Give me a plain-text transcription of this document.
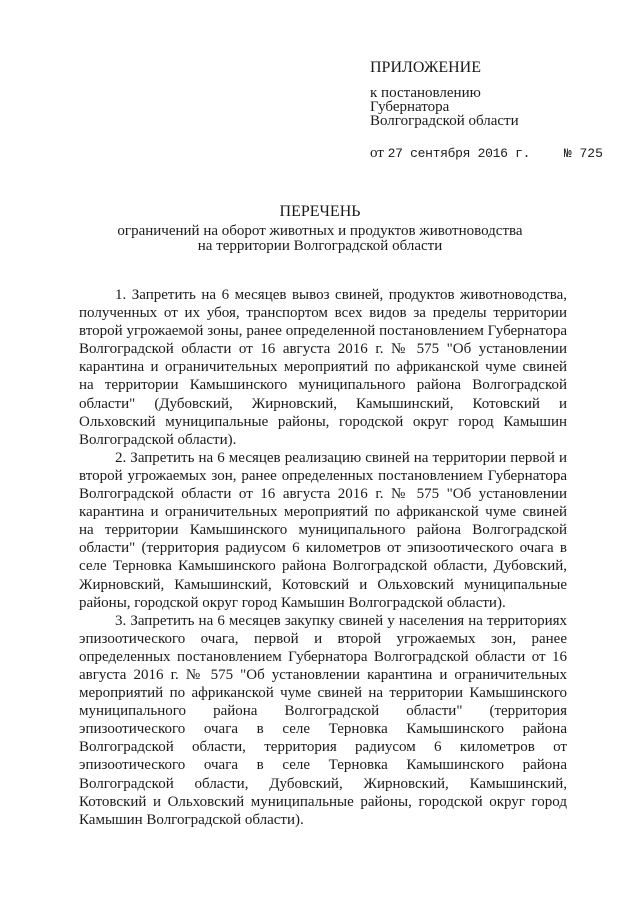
ПРИЛОЖЕНИЕ
к постановлению
Губернатора
Волгоградской области
от 27 сентября 2016 г.	№ 725
ПЕРЕЧЕНЬ
ограничений на оборот животных и продуктов животноводства
на территории Волгоградской области

1. Запретить на 6 месяцев вывоз свиней, продуктов животноводства, полученных от их убоя, транспортом всех видов за пределы территории второй угрожаемой зоны, ранее определенной постановлением Губернатора Волгоградской области от 16 августа 2016 г. № 575 "Об установлении карантина и ограничительных мероприятий по африканской чуме свиней на территории Камышинского муниципального района Волгоградской области" (Дубовский, Жирновский, Камышинский, Котовский и Ольховский муниципальные районы, городской округ город Камышин Волгоградской области).

2. Запретить на 6 месяцев реализацию свиней на территории первой и второй угрожаемых зон, ранее определенных постановлением Губернатора Волгоградской области от 16 августа 2016 г. № 575 "Об установлении карантина и ограничительных мероприятий по африканской чуме свиней на территории Камышинского муниципального района Волгоградской области" (территория радиусом 6 километров от эпизоотического очага в селе Терновка Камышинского района Волгоградской области, Дубовский, Жирновский, Камышинский, Котовский и Ольховский муниципальные районы, городской округ город Камышин Волгоградской области).

3. Запретить на 6 месяцев закупку свиней у населения на территориях эпизоотического очага, первой и второй угрожаемых зон, ранее определенных постановлением Губернатора Волгоградской области от 16 августа 2016 г. № 575 "Об установлении карантина и ограничительных мероприятий по африканской чуме свиней на территории Камышинского муниципального района Волгоградской области" (территория эпизоотического очага в селе Терновка Камышинского района Волгоградской области, территория радиусом 6 километров от эпизоотического очага в селе Терновка Камышинского района Волгоградской области, Дубовский, Жирновский, Камышинский, Котовский и Ольховский муниципальные районы, городской округ город Камышин Волгоградской области).
